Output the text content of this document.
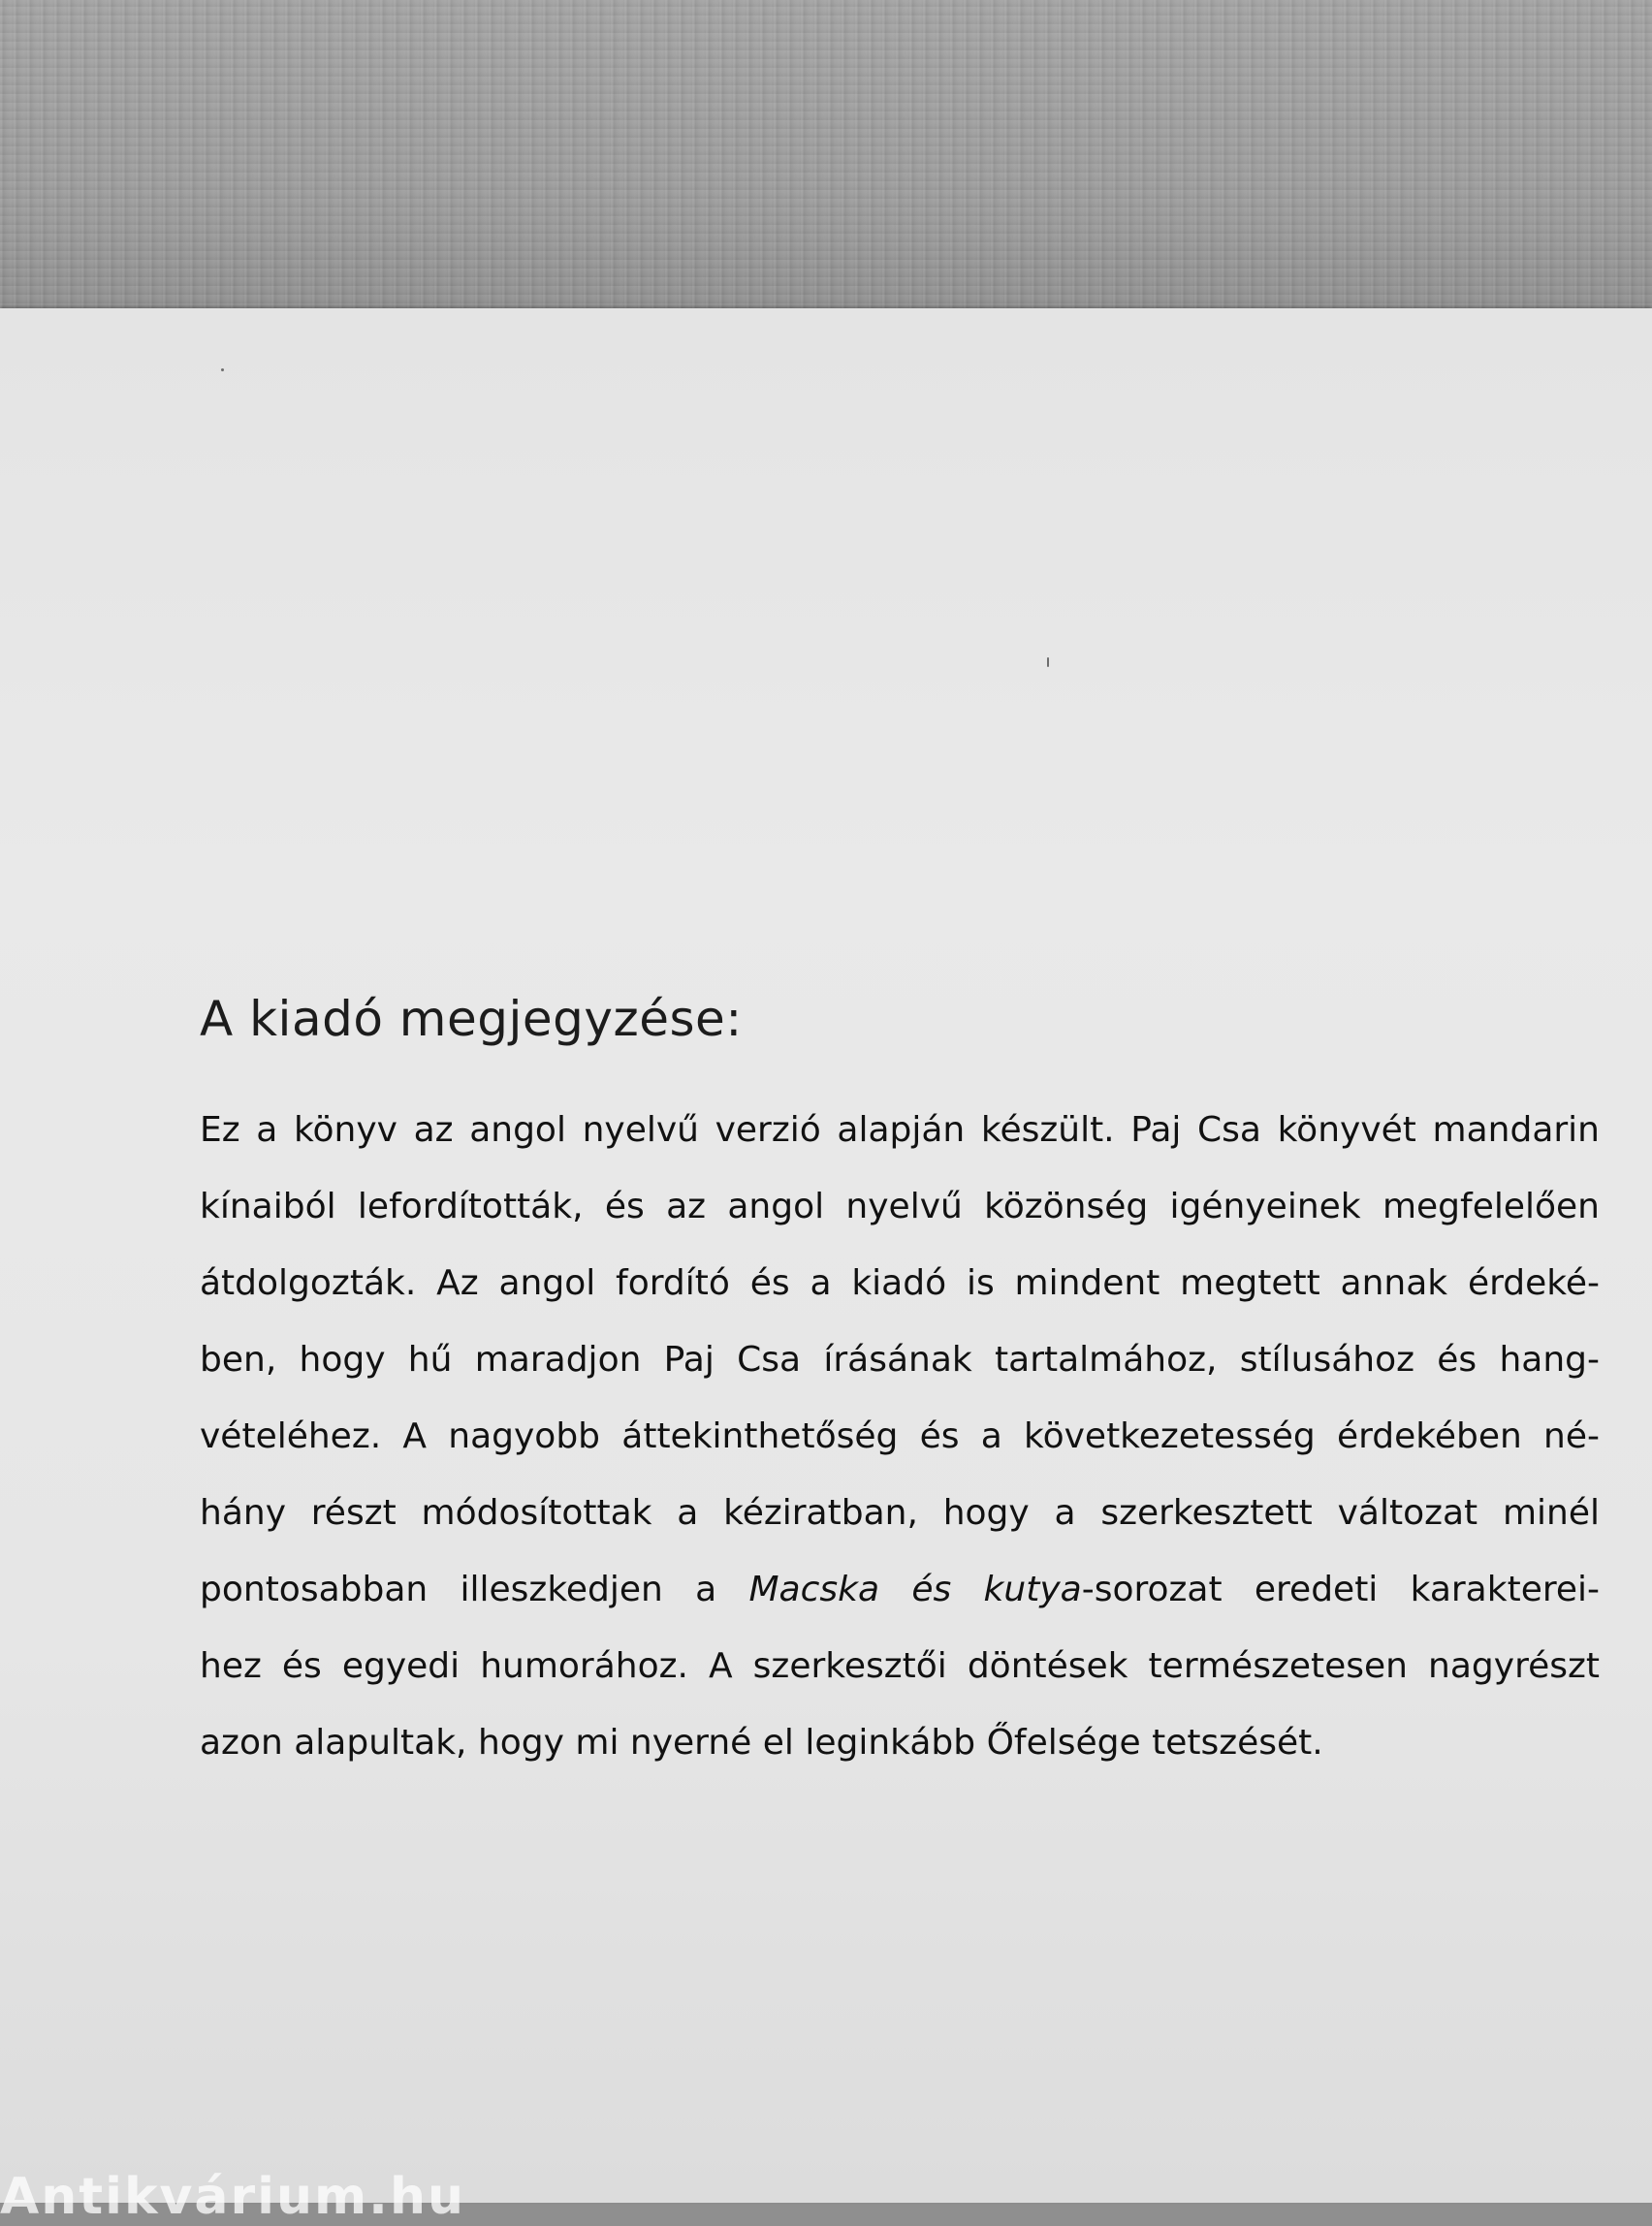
A kiadó megjegyzése:
Ez a könyv az angol nyelvű verzió alapján készült. Paj Csa könyvét mandarin
kínaiból lefordították, és az angol nyelvű közönség igényeinek megfelelően
átdolgozták. Az angol fordító és a kiadó is mindent megtett annak érdeké-
ben, hogy hű maradjon Paj Csa írásának tartalmához, stílusához és hang-
vételéhez. A nagyobb áttekinthetőség és a következetesség érdekében né-
hány részt módosítottak a kéziratban, hogy a szerkesztett változat minél
pontosabban illeszkedjen a Macska és kutya-sorozat eredeti karakterei-
hez és egyedi humorához. A szerkesztői döntések természetesen nagyrészt
azon alapultak, hogy mi nyerné el leginkább Őfelsége tetszését.
Antikvárium.hu
